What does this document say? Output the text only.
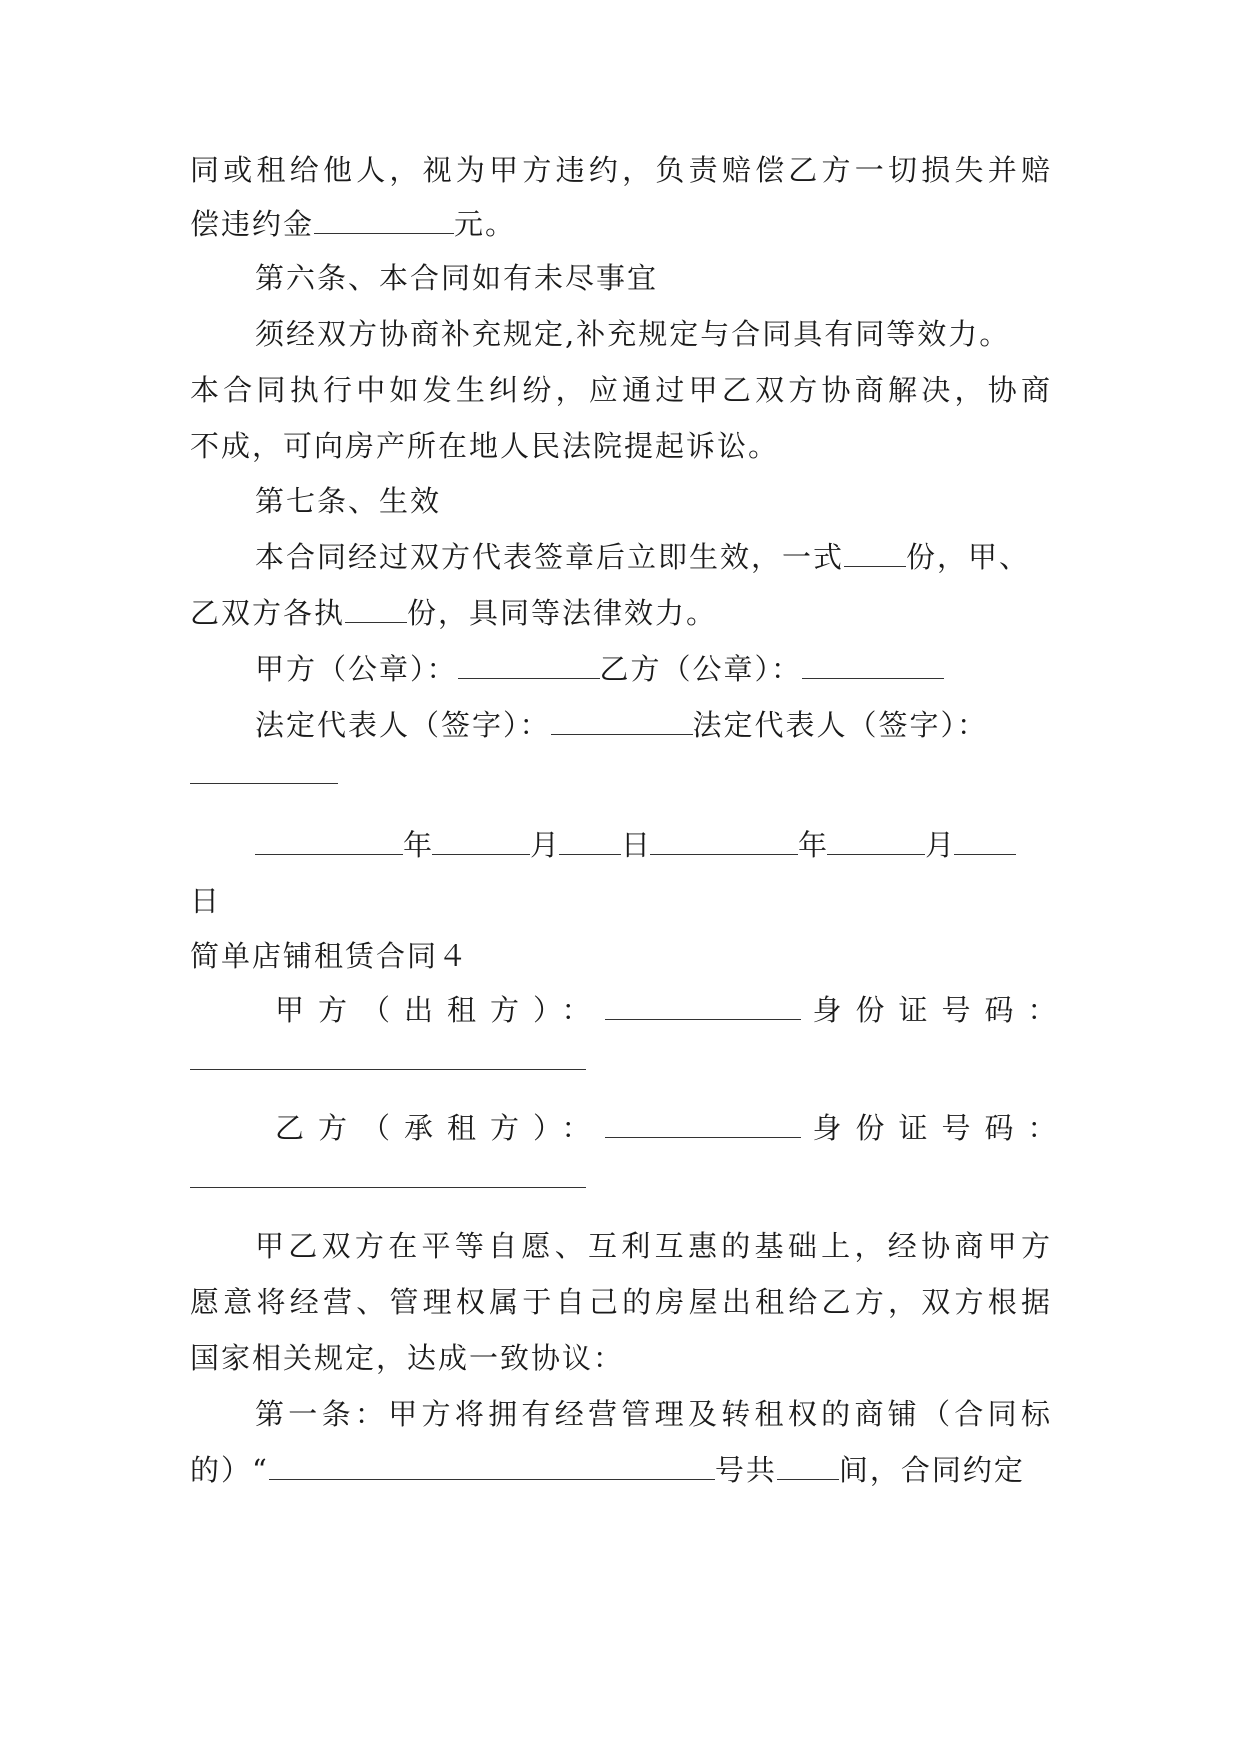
同或租给他人，视为甲方违约，负责赔偿乙方一切损失并赔
偿违约金	元。
第六条、本合同如有未尽事宜
须经双方协商补充规定,补充规定与合同具有同等效力。
本合同执行中如发生纠纷，应通过甲乙双方协商解决，协商
不成，可向房产所在地人民法院提起诉讼。
第七条、生效
本合同经过双方代表签章后立即生效，一式 份，甲、
乙双方各执 份，具同等法律效力。
甲方（公章）：	乙方（公章）：
法定代表人（签字）：	法定代表人（签字）：
年	月 日	年	月
日
简单店铺租赁合同４
甲方（出租方）：	身份证号码：
乙方（承租方）：	身份证号码：
甲乙双方在平等自愿、互利互惠的基础上，经协商甲方
愿意将经营、管理权属于自己的房屋出租给乙方，双方根据
国家相关规定，达成一致协议：
第一条：甲方将拥有经营管理及转租权的商铺（合同标
的）“	号共 间，合同约定
